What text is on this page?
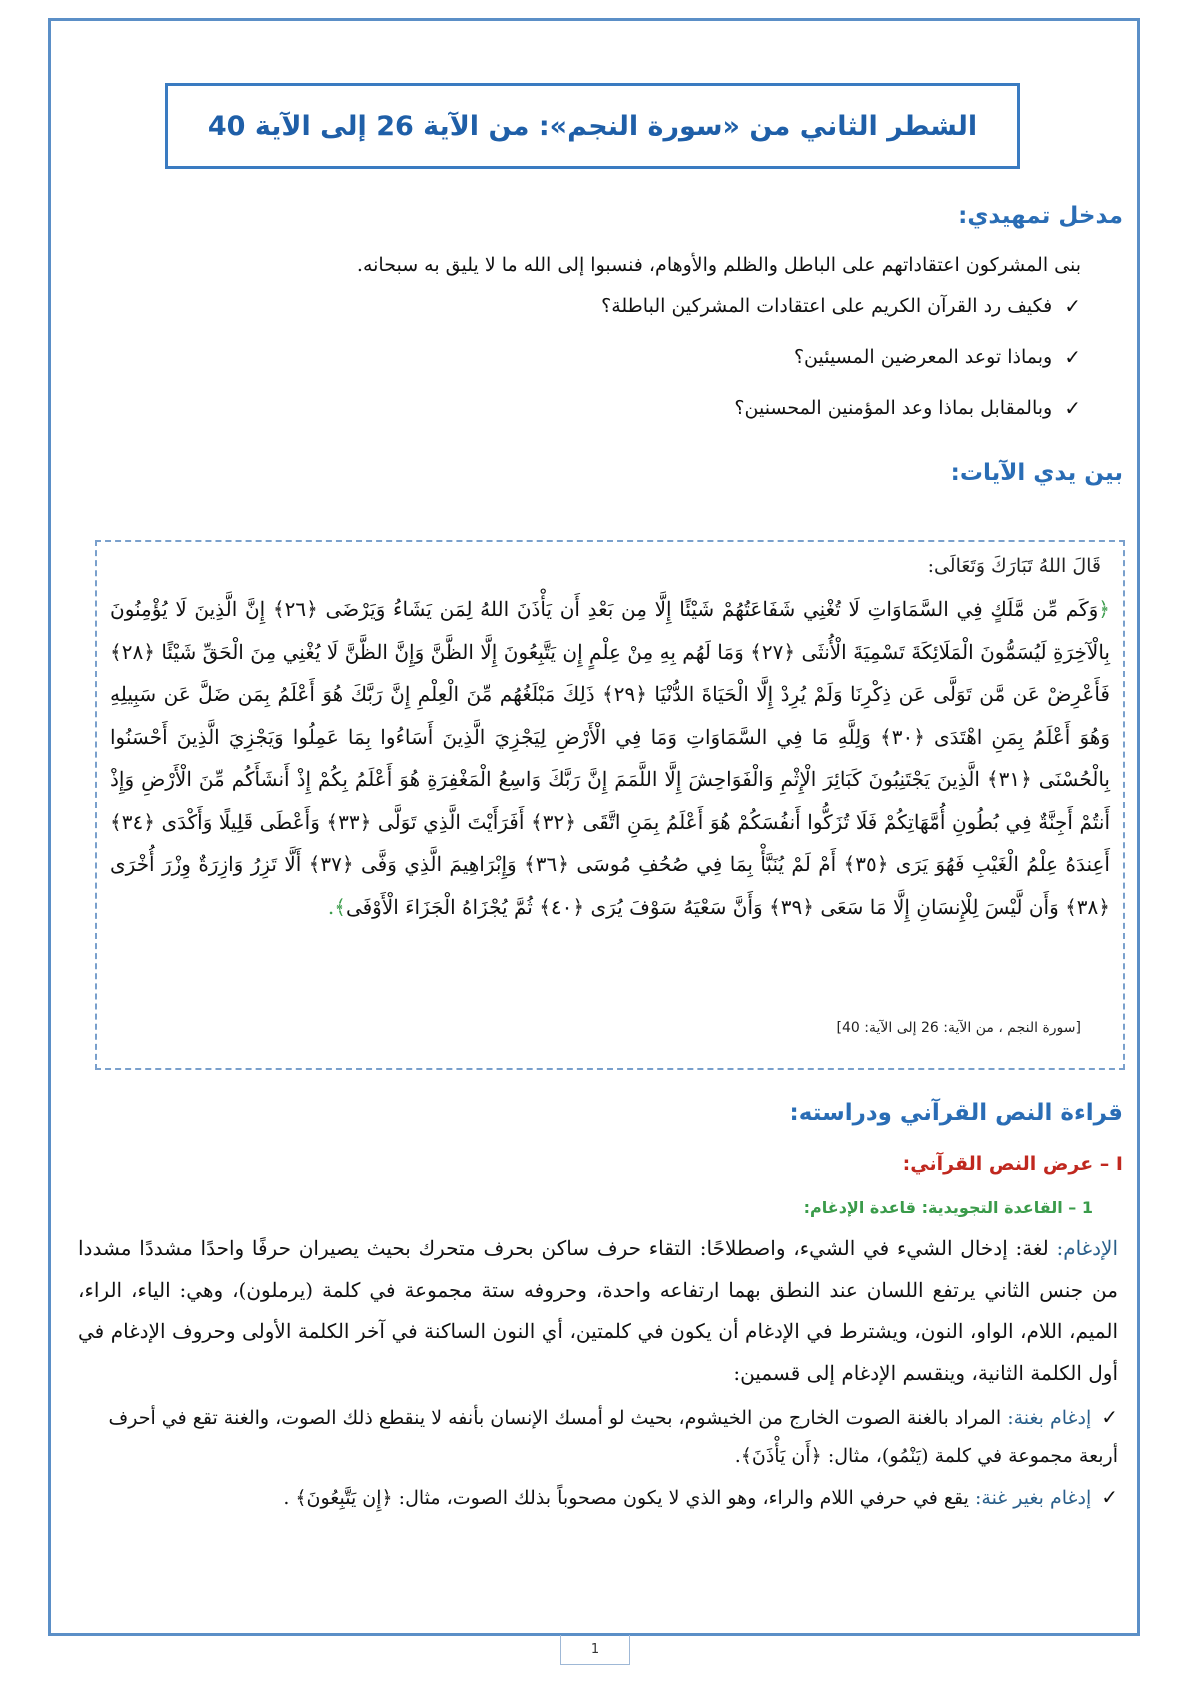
الشطر الثاني من «سورة النجم»: من الآية 26 إلى الآية 40
مدخل تمهيدي:
بنى المشركون اعتقاداتهم على الباطل والظلم والأوهام، فنسبوا إلى الله ما لا يليق به سبحانه.
✓
فكيف رد القرآن الكريم على اعتقادات المشركين الباطلة؟
✓
وبماذا توعد المعرضين المسيئين؟
✓
وبالمقابل بماذا وعد المؤمنين المحسنين؟
بين يدي الآيات:
قَالَ اللهُ تَبَارَكَ وَتَعَالَى:
﴿وَكَم مِّن مَّلَكٍ فِي السَّمَاوَاتِ لَا تُغْنِي شَفَاعَتُهُمْ شَيْئًا إِلَّا مِن بَعْدِ أَن يَأْذَنَ اللهُ لِمَن يَشَاءُ وَيَرْضَى ﴿٢٦﴾ إِنَّ الَّذِينَ لَا يُؤْمِنُونَ بِالْآخِرَةِ لَيُسَمُّونَ الْمَلَائِكَةَ تَسْمِيَةَ الْأُنثَى ﴿٢٧﴾ وَمَا لَهُم بِهِ مِنْ عِلْمٍ إِن يَتَّبِعُونَ إِلَّا الظَّنَّ وَإِنَّ الظَّنَّ لَا يُغْنِي مِنَ الْحَقِّ شَيْئًا ﴿٢٨﴾ فَأَعْرِضْ عَن مَّن تَوَلَّى عَن ذِكْرِنَا وَلَمْ يُرِدْ إِلَّا الْحَيَاةَ الدُّنْيَا ﴿٢٩﴾ ذَلِكَ مَبْلَغُهُم مِّنَ الْعِلْمِ إِنَّ رَبَّكَ هُوَ أَعْلَمُ بِمَن ضَلَّ عَن سَبِيلِهِ وَهُوَ أَعْلَمُ بِمَنِ اهْتَدَى ﴿٣٠﴾ وَلِلَّهِ مَا فِي السَّمَاوَاتِ وَمَا فِي الْأَرْضِ لِيَجْزِيَ الَّذِينَ أَسَاءُوا بِمَا عَمِلُوا وَيَجْزِيَ الَّذِينَ أَحْسَنُوا بِالْحُسْنَى ﴿٣١﴾ الَّذِينَ يَجْتَنِبُونَ كَبَائِرَ الْإِثْمِ وَالْفَوَاحِشَ إِلَّا اللَّمَمَ إِنَّ رَبَّكَ وَاسِعُ الْمَغْفِرَةِ هُوَ أَعْلَمُ بِكُمْ إِذْ أَنشَأَكُم مِّنَ الْأَرْضِ وَإِذْ أَنتُمْ أَجِنَّةٌ فِي بُطُونِ أُمَّهَاتِكُمْ فَلَا تُزَكُّوا أَنفُسَكُمْ هُوَ أَعْلَمُ بِمَنِ اتَّقَى ﴿٣٢﴾ أَفَرَأَيْتَ الَّذِي تَوَلَّى ﴿٣٣﴾ وَأَعْطَى قَلِيلًا وَأَكْدَى ﴿٣٤﴾ أَعِندَهُ عِلْمُ الْغَيْبِ فَهُوَ يَرَى ﴿٣٥﴾ أَمْ لَمْ يُنَبَّأْ بِمَا فِي صُحُفِ مُوسَى ﴿٣٦﴾ وَإِبْرَاهِيمَ الَّذِي وَفَّى ﴿٣٧﴾ أَلَّا تَزِرُ وَازِرَةٌ وِزْرَ أُخْرَى ﴿٣٨﴾ وَأَن لَّيْسَ لِلْإِنسَانِ إِلَّا مَا سَعَى ﴿٣٩﴾ وَأَنَّ سَعْيَهُ سَوْفَ يُرَى ﴿٤٠﴾ ثُمَّ يُجْزَاهُ الْجَزَاءَ الْأَوْفَى﴾.
[سورة النجم ، من الآية: 26 إلى الآية: 40]
قراءة النص القرآني ودراسته:
I – عرض النص القرآني:
1 – القاعدة التجويدية: قاعدة الإدغام:
الإدغام: لغة: إدخال الشيء في الشيء، واصطلاحًا: التقاء حرف ساكن بحرف متحرك بحيث يصيران حرفًا واحدًا مشددًا مشددا من جنس الثاني يرتفع اللسان عند النطق بهما ارتفاعه واحدة، وحروفه ستة مجموعة في كلمة (يرملون)، وهي: الياء، الراء، الميم، اللام، الواو، النون، ويشترط في الإدغام أن يكون في كلمتين، أي النون الساكنة في آخر الكلمة الأولى وحروف الإدغام في أول الكلمة الثانية، وينقسم الإدغام إلى قسمين:
✓إدغام بغنة: المراد بالغنة الصوت الخارج من الخيشوم، بحيث لو أمسك الإنسان بأنفه لا ينقطع ذلك الصوت، والغنة تقع في أحرف أربعة مجموعة في كلمة (يَنْمُو)، مثال: ﴿أَن يَأْذَنَ﴾.
✓إدغام بغير غنة: يقع في حرفي اللام والراء، وهو الذي لا يكون مصحوباً بذلك الصوت، مثال: ﴿إِن يَتَّبِعُونَ﴾ .
1
